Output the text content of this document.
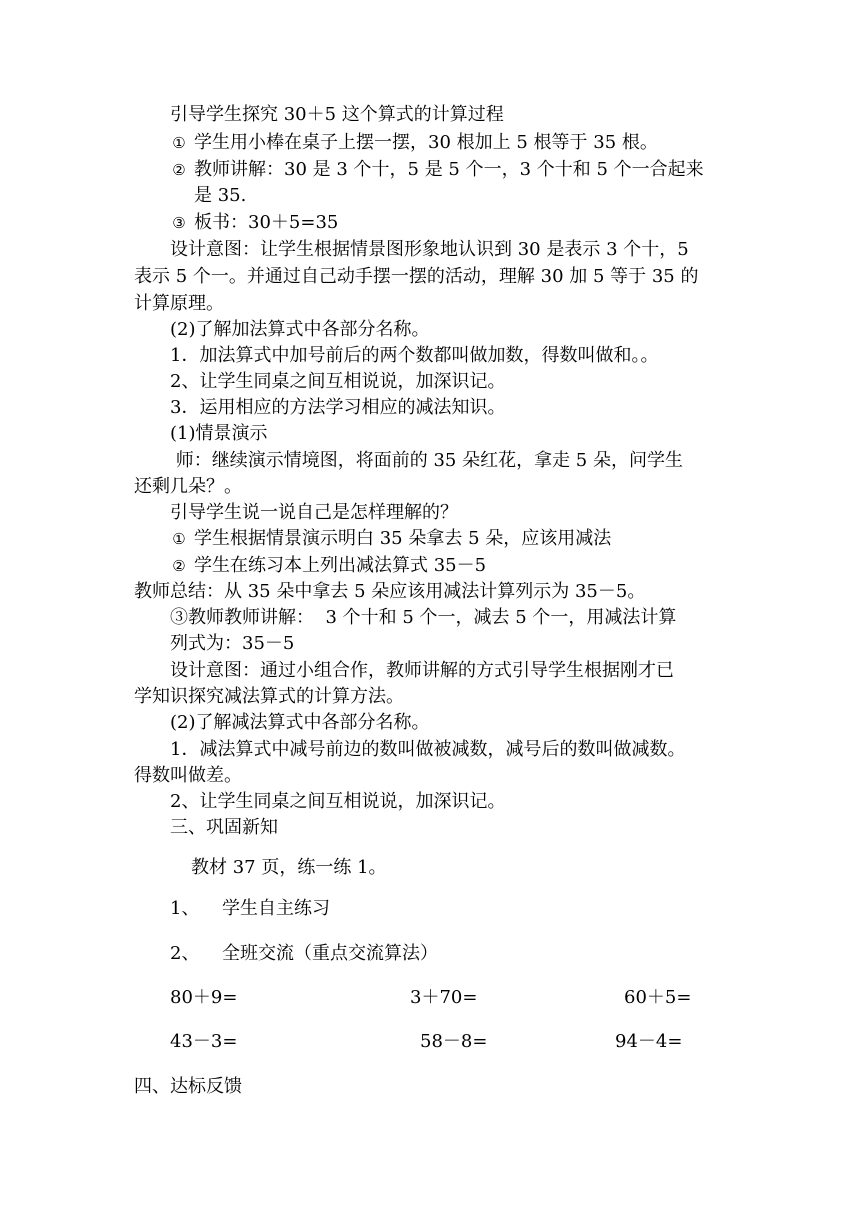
引导学生探究 30＋5 这个算式的计算过程
① 学生用小棒在桌子上摆一摆，30 根加上 5 根等于 35 根。
② 教师讲解：30 是 3 个十，5 是 5 个一，3 个十和 5 个一合起来
是 35.
③ 板书：30＋5=35
设计意图：让学生根据情景图形象地认识到 30 是表示 3 个十，5
表示 5 个一。并通过自己动手摆一摆的活动，理解 30 加 5 等于 35 的
计算原理。
(2)了解加法算式中各部分名称。
1．加法算式中加号前后的两个数都叫做加数，得数叫做和。。
2、让学生同桌之间互相说说，加深识记。
3．运用相应的方法学习相应的减法知识。
(1)情景演示
师：继续演示情境图，将面前的 35 朵红花，拿走 5 朵，问学生
还剩几朵？。
引导学生说一说自己是怎样理解的？
① 学生根据情景演示明白 35 朵拿去 5 朵，应该用减法
② 学生在练习本上列出减法算式 35－5
教师总结：从 35 朵中拿去 5 朵应该用减法计算列示为 35－5。
③教师教师讲解：  3 个十和 5 个一，减去 5 个一，用减法计算
列式为：35－5
设计意图：通过小组合作，教师讲解的方式引导学生根据刚才已
学知识探究减法算式的计算方法。
(2)了解减法算式中各部分名称。
1．减法算式中减号前边的数叫做被减数，减号后的数叫做减数。
得数叫做差。
2、让学生同桌之间互相说说，加深识记。
三、巩固新知
教材 37 页，练一练 1。
1、 学生自主练习
2、 全班交流（重点交流算法）
80＋9=	3＋70=	60＋5=
43－3=	58－8=	94－4=
四、达标反馈
